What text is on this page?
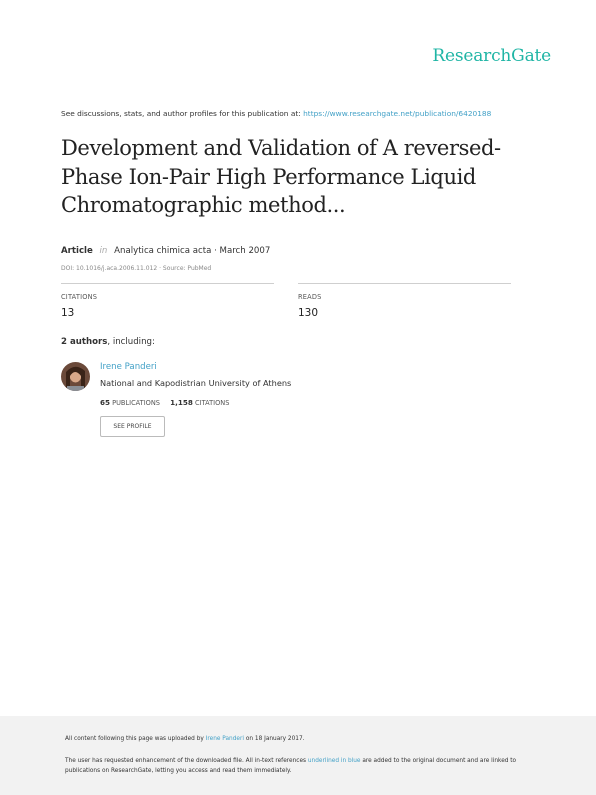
ResearchGate
See discussions, stats, and author profiles for this publication at: https://www.researchgate.net/publication/6420188
Development and Validation of A reversed-Phase Ion-Pair High Performance Liquid Chromatographic method...
Article in Analytica chimica acta · March 2007
DOI: 10.1016/j.aca.2006.11.012 · Source: PubMed
CITATIONS
13
READS
130
2 authors, including:
Irene Panderi
National and Kapodistrian University of Athens
65 PUBLICATIONS 1,158 CITATIONS
SEE PROFILE
All content following this page was uploaded by Irene Panderi on 18 January 2017.
The user has requested enhancement of the downloaded file. All in-text references underlined in blue are added to the original document and are linked to publications on ResearchGate, letting you access and read them immediately.
